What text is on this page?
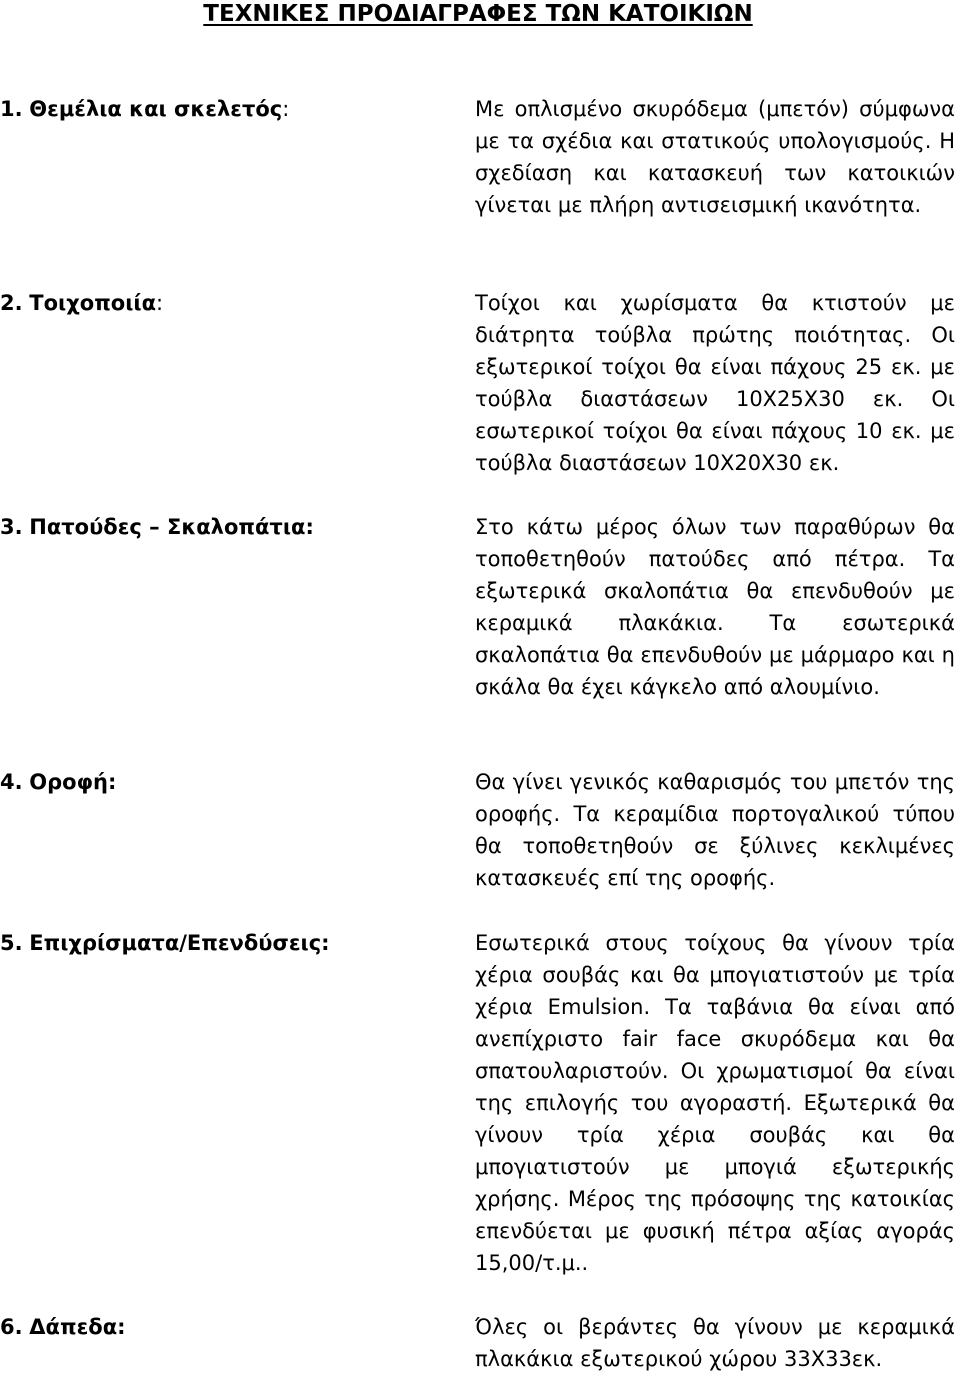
ΤΕΧΝΙΚΕΣ ΠΡΟΔΙΑΓΡΑΦΕΣ ΤΩΝ ΚΑΤΟΙΚΙΩΝ
1. Θεμέλια και σκελετός:	Με οπλισμένο σκυρόδεμα (μπετόν) σύμφωνα με τα σχέδια και στατικούς υπολογισμούς. Η σχεδίαση και κατασκευή των κατοικιών γίνεται με πλήρη αντισεισμική ικανότητα.
2. Τοιχοποιία:	Τοίχοι και χωρίσματα θα κτιστούν με διάτρητα τούβλα πρώτης ποιότητας. Οι εξωτερικοί τοίχοι θα είναι πάχους 25 εκ. με τούβλα διαστάσεων 10Χ25Χ30 εκ. Οι εσωτερικοί τοίχοι θα είναι πάχους 10 εκ. με τούβλα διαστάσεων 10Χ20Χ30 εκ.
3. Πατούδες – Σκαλοπάτια:	Στο κάτω μέρος όλων των παραθύρων θα τοποθετηθούν πατούδες από πέτρα. Τα εξωτερικά σκαλοπάτια θα επενδυθούν με κεραμικά πλακάκια. Τα εσωτερικά σκαλοπάτια θα επενδυθούν με μάρμαρο και η σκάλα θα έχει κάγκελο από αλουμίνιο.
4. Οροφή:	Θα γίνει γενικός καθαρισμός του μπετόν της οροφής. Τα κεραμίδια πορτογαλικού τύπου θα τοποθετηθούν σε ξύλινες κεκλιμένες κατασκευές επί της οροφής.
5. Επιχρίσματα/Επενδύσεις:	Εσωτερικά στους τοίχους θα γίνουν τρία χέρια σουβάς και θα μπογιατιστούν με τρία χέρια Emulsion. Τα ταβάνια θα είναι από ανεπίχριστο fair face σκυρόδεμα και θα σπατουλαριστούν. Οι χρωματισμοί θα είναι της επιλογής του αγοραστή. Εξωτερικά θα γίνουν τρία χέρια σουβάς και θα μπογιατιστούν με μπογιά εξωτερικής χρήσης. Μέρος της πρόσοψης της κατοικίας επενδύεται με φυσική πέτρα αξίας αγοράς 15,00/τ.μ..
6. Δάπεδα:	Όλες οι βεράντες θα γίνουν με κεραμικά πλακάκια εξωτερικού χώρου 33Χ33εκ.
